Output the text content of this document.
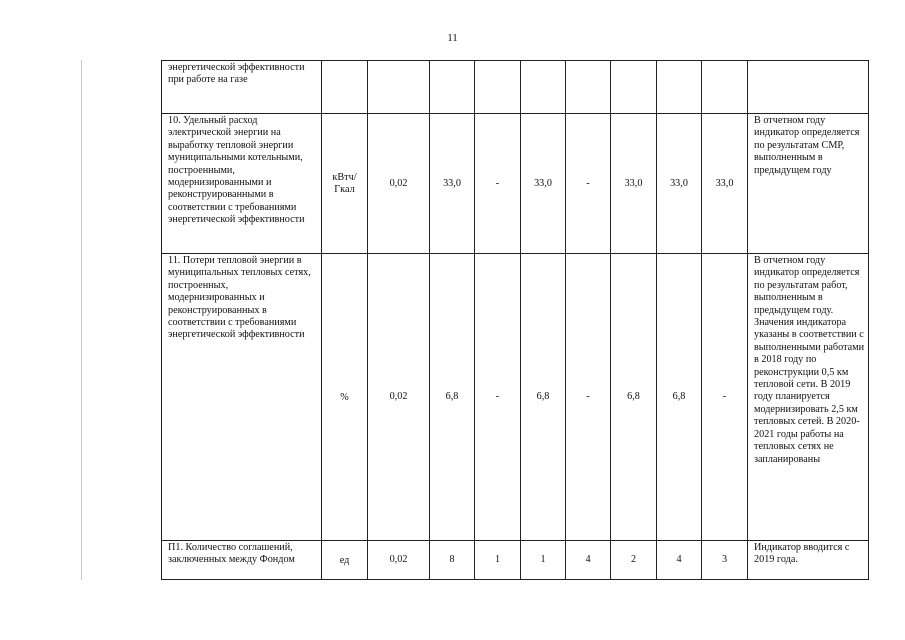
11
энергетической эффективности при работе на газе										
10. Удельный расход электрической энергии на выработку тепловой энергии муниципальными котельными, построенными, модернизированными и реконструированными в соответствии с требованиями энергетической эффективности	кВтч/ Гкал	0,02	33,0	-	33,0	-	33,0	33,0	33,0	В отчетном году индикатор определяется по результатам СМР, выполненным в предыдущем году
11. Потери тепловой энергии в муниципальных тепловых сетях, построенных, модернизированных и реконструированных в соответствии с требованиями энергетической эффективности	%	0,02	6,8	-	6,8	-	6,8	6,8	-	В отчетном году индикатор определяется по результатам работ, выполненным в предыдущем году. Значения индикатора указаны в соответствии с выполненными работами в 2018 году по реконструкции 0,5 км тепловой сети. В 2019 году планируется модернизировать 2,5 км тепловых сетей. В 2020-2021 годы работы на тепловых сетях не запланированы
П1. Количество соглашений, заключенных между Фондом	ед	0,02	8	1	1	4	2	4	3	Индикатор вводится с 2019 года.
